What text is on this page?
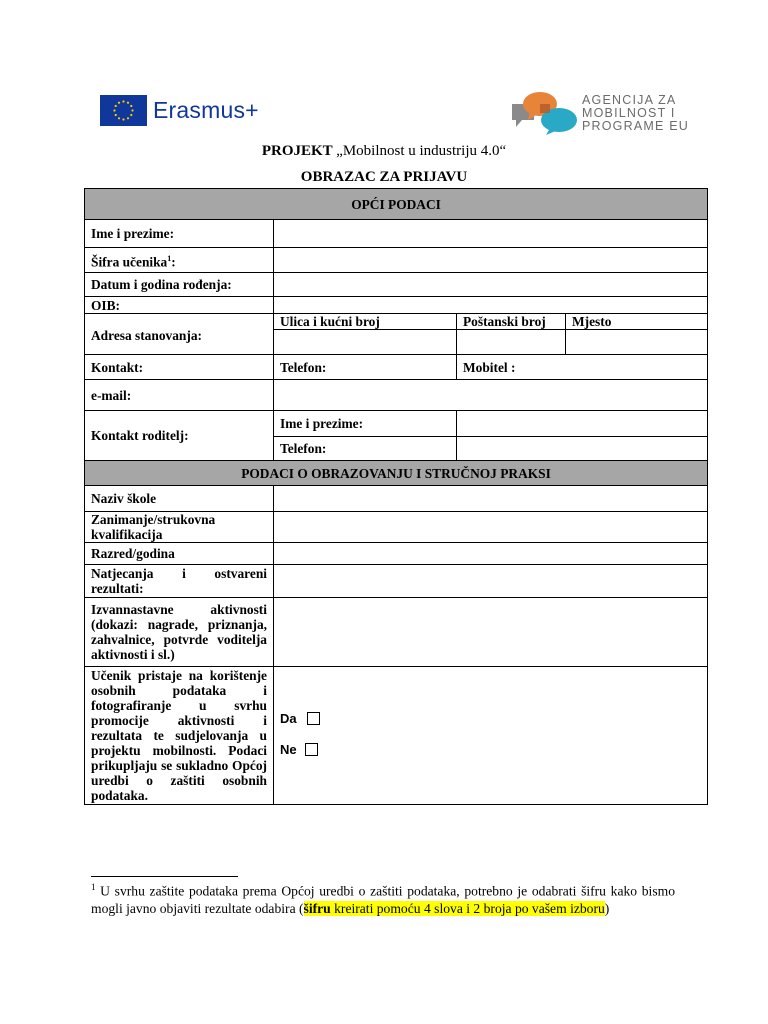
Erasmus+	AGENCIJA ZA
MOBILNOST I
PROGRAME EU
PROJEKT „Mobilnost u industriju 4.0“
OBRAZAC ZA PRIJAVU
OPĆI PODACI			
Ime i prezime:			
Šifra učenika$^1$:			
Datum i godina rođenja:			
OIB:			
Adresa stanovanja:	Ulica i kućni broj	Poštanski broj	Mjesto

Kontakt:	Telefon:	Mobitel :	
e-mail:			
Kontakt roditelj:	Ime i prezime:		
	Telefon:		
PODACI O OBRAZOVANJU I STRUČNOJ PRAKSI			
Naziv škole			
Zanimanje/strukovna kvalifikacija			
Razred/godina			
Natjecanja i ostvareni rezultati:			
Izvannastavne aktivnosti (dokazi: nagrade, priznanja, zahvalnice, potvrde voditelja aktivnosti i sl.)			
Učenik pristaje na korištenje osobnih podataka i fotografiranje u svrhu promocije aktivnosti i rezultata te sudjelovanja u projektu mobilnosti. Podaci prikupljaju se sukladno Općoj uredbi o zaštiti osobnih podataka.	Da
Ne		
$^1$ U svrhu zaštite podataka prema Općoj uredbi o zaštiti podataka, potrebno je odabrati šifru kako bismo mogli javno objaviti rezultate odabira (šifru kreirati pomoću 4 slova i 2 broja po vašem izboru)
